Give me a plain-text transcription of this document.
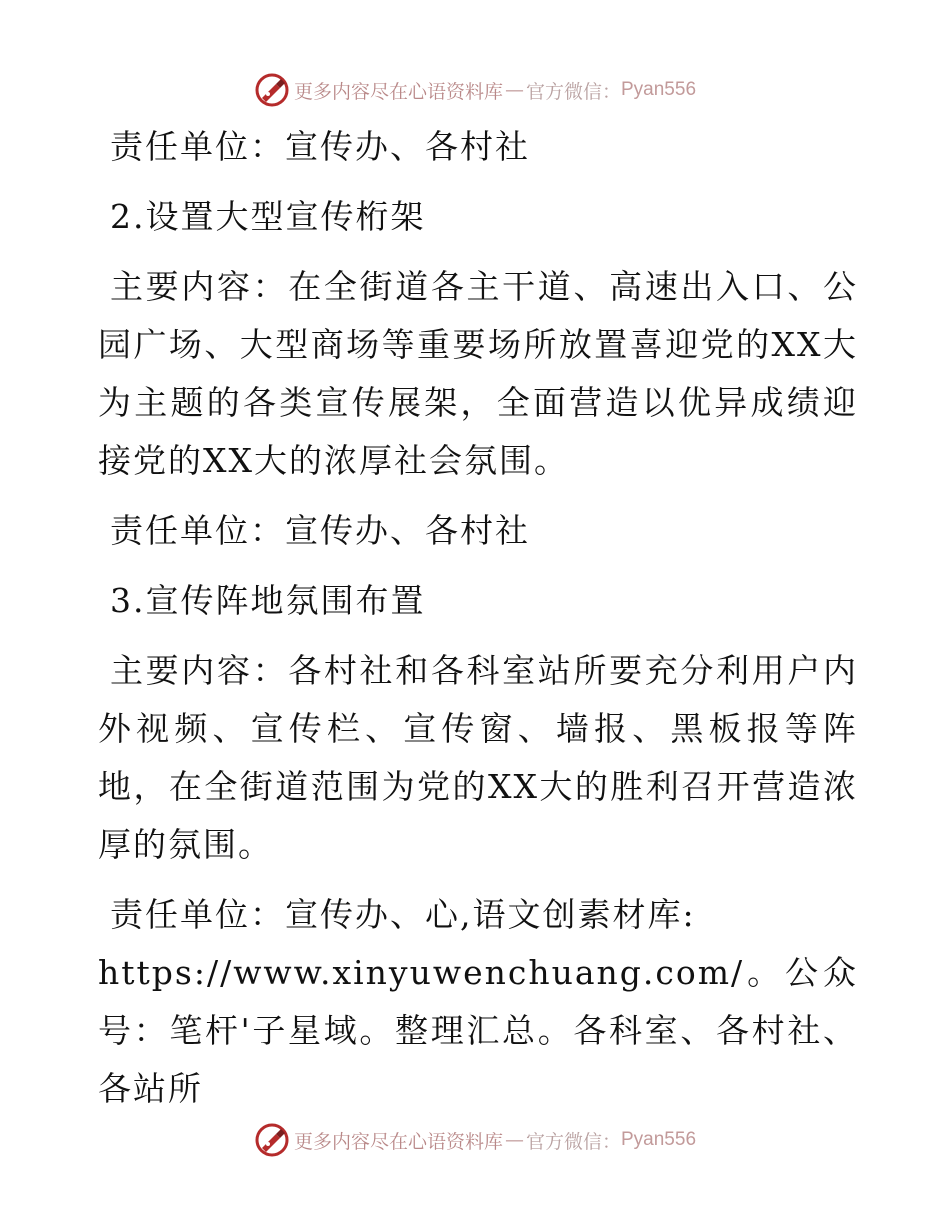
更多内容尽在心语资料库 — 官方微信： Pyan556

责任单位：宣传办、各村社

2.设置大型宣传桁架

主要内容：在全街道各主干道、高速出入口、公园广场、大型商场等重要场所放置喜迎党的XX大为主题的各类宣传展架，全面营造以优异成绩迎接党的XX大的浓厚社会氛围。

责任单位：宣传办、各村社

3.宣传阵地氛围布置

主要内容：各村社和各科室站所要充分利用户内外视频、宣传栏、宣传窗、墙报、黑板报等阵地，在全街道范围为党的XX大的胜利召开营造浓厚的氛围。

责任单位：宣传办、心,语文创素材库:

https://www.xinyuwenchuang.com/。公众号：笔杆'子星域。整理汇总。各科室、各村社、各站所

更多内容尽在心语资料库 — 官方微信： Pyan556
